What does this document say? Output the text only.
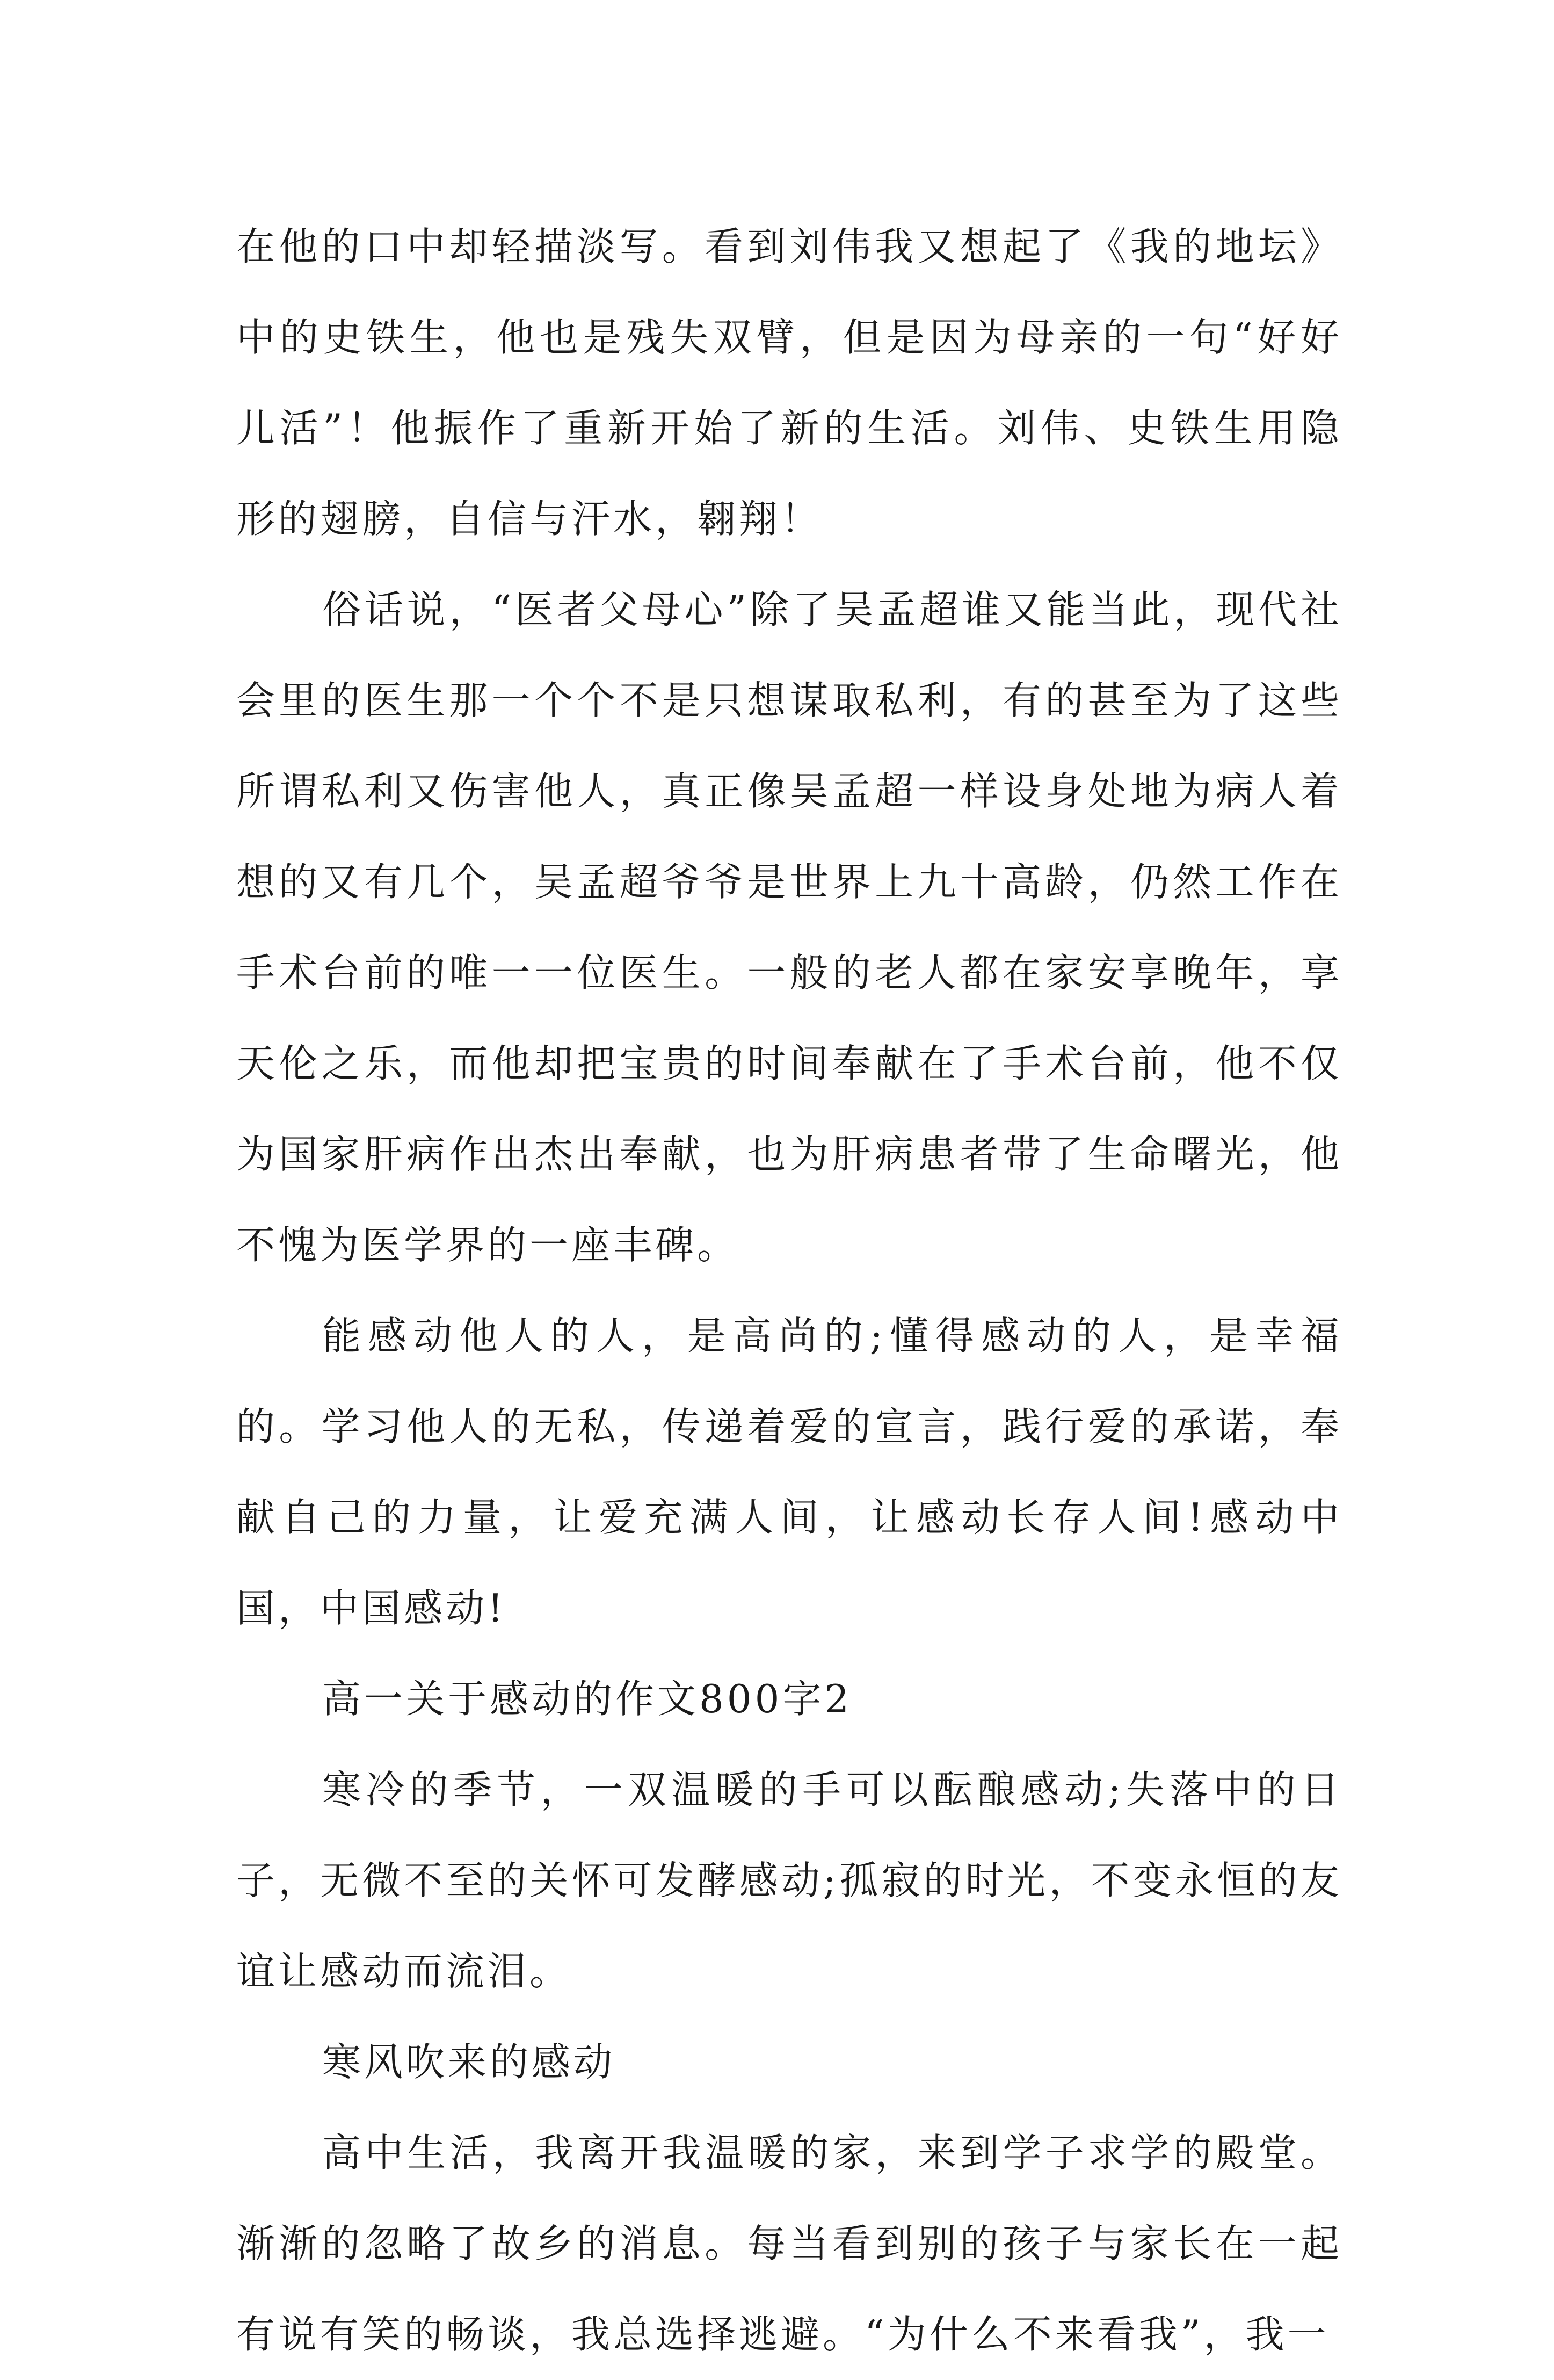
在他的口中却轻描淡写。看到刘伟我又想起了《我的地坛》中的史铁生，他也是残失双臂，但是因为母亲的一句“好好儿活”！他振作了重新开始了新的生活。刘伟、史铁生用隐形的翅膀，自信与汗水，翱翔！

俗话说，“医者父母心”除了吴孟超谁又能当此，现代社会里的医生那一个个不是只想谋取私利，有的甚至为了这些所谓私利又伤害他人，真正像吴孟超一样设身处地为病人着想的又有几个，吴孟超爷爷是世界上九十高龄，仍然工作在手术台前的唯一一位医生。一般的老人都在家安享晚年，享天伦之乐，而他却把宝贵的时间奉献在了手术台前，他不仅为国家肝病作出杰出奉献，也为肝病患者带了生命曙光，他不愧为医学界的一座丰碑。

能感动他人的人，是高尚的;懂得感动的人，是幸福的。学习他人的无私，传递着爱的宣言，践行爱的承诺，奉献自己的力量，让爱充满人间，让感动长存人间!感动中国，中国感动!

高一关于感动的作文800字2

寒冷的季节，一双温暖的手可以酝酿感动;失落中的日子，无微不至的关怀可发酵感动;孤寂的时光，不变永恒的友谊让感动而流泪。

寒风吹来的感动

高中生活，我离开我温暖的家，来到学子求学的殿堂。渐渐的忽略了故乡的消息。每当看到别的孩子与家长在一起有说有笑的畅谈，我总选择逃避。“为什么不来看我”，我一
